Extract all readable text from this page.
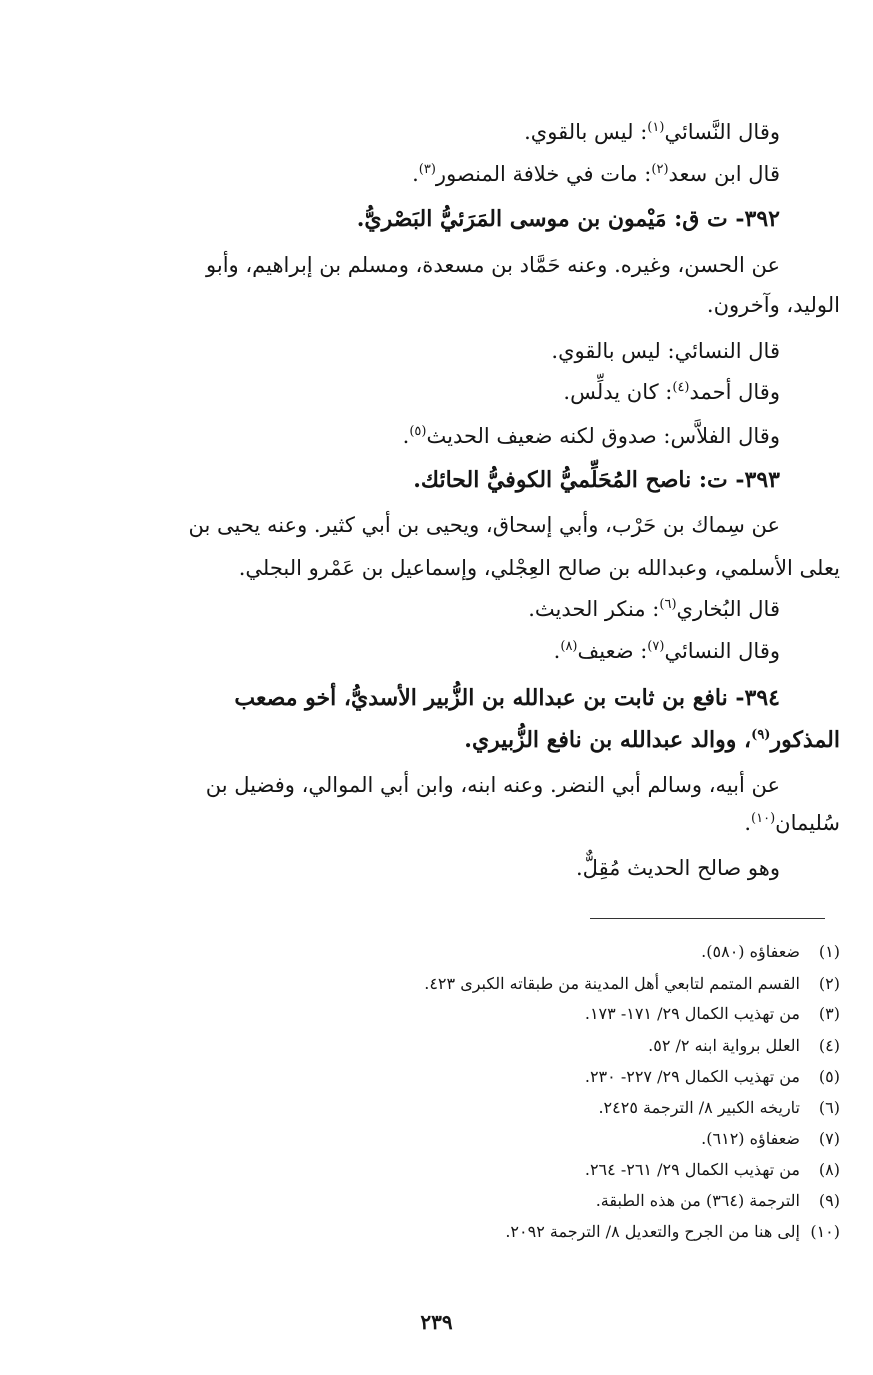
وقال النَّسائي$^{(١)}$: ليس بالقوي.
قال ابن سعد$^{(٢)}$: مات في خلافة المنصور$^{(٣)}$.
٣٩٢- ت ق: مَيْمون بن موسى المَرَئيُّ البَصْريُّ.
عن الحسن، وغيره. وعنه حَمَّاد بن مسعدة، ومسلم بن إبراهيم، وأبو
الوليد، وآخرون.
قال النسائي: ليس بالقوي.
وقال أحمد$^{(٤)}$: كان يدلِّس.
وقال الفلاَّس: صدوق لكنه ضعيف الحديث$^{(٥)}$.
٣٩٣- ت: ناصح المُحَلِّميُّ الكوفيُّ الحائك.
عن سِماك بن حَرْب، وأبي إسحاق، ويحيى بن أبي كثير. وعنه يحيى بن
يعلى الأسلمي، وعبدالله بن صالح العِجْلي، وإسماعيل بن عَمْرو البجلي.
قال البُخاري$^{(٦)}$: منكر الحديث.
وقال النسائي$^{(٧)}$: ضعيف$^{(٨)}$.
٣٩٤- نافع بن ثابت بن عبدالله بن الزُّبير الأسديُّ، أخو مصعب
المذكور$^{(٩)}$، ووالد عبدالله بن نافع الزُّبيري.
عن أبيه، وسالم أبي النضر. وعنه ابنه، وابن أبي الموالي، وفضيل بن
سُليمان$^{(١٠)}$.
وهو صالح الحديث مُقِلٌّ.
(١)ضعفاؤه (٥٨٠).
(٢)القسم المتمم لتابعي أهل المدينة من طبقاته الكبرى ٤٢٣.
(٣)من تهذيب الكمال ٢٩/ ١٧١- ١٧٣.
(٤)العلل برواية ابنه ٢/ ٥٢.
(٥)من تهذيب الكمال ٢٩/ ٢٢٧- ٢٣٠.
(٦)تاريخه الكبير ٨/ الترجمة ٢٤٢٥.
(٧)ضعفاؤه (٦١٢).
(٨)من تهذيب الكمال ٢٩/ ٢٦١- ٢٦٤.
(٩)الترجمة (٣٦٤) من هذه الطبقة.
(١٠)إلى هنا من الجرح والتعديل ٨/ الترجمة ٢٠٩٢.
٢٣٩
